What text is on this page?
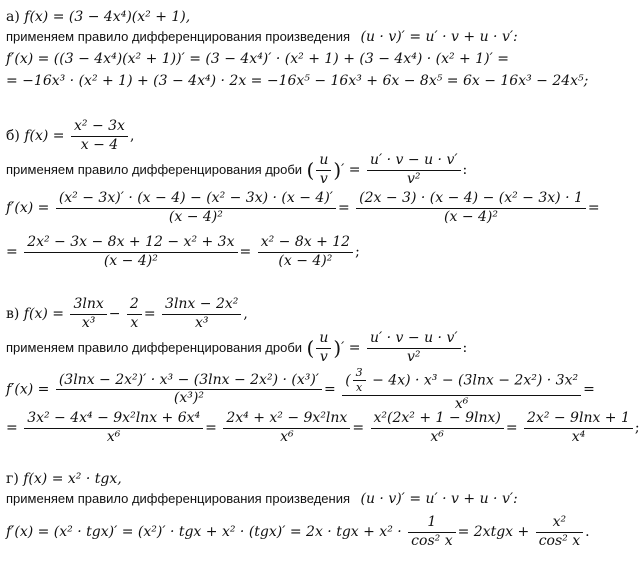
а) f(x) = (3 − 4x⁴)(x² + 1),
применяем правило дифференцирования произведения (u · v)′ = u′ · v + u · v′:
f′(x) = ((3 − 4x⁴)(x² + 1))′ = (3 − 4x⁴)′ · (x² + 1) + (3 − 4x⁴) · (x² + 1)′ =
= −16x³ · (x² + 1) + (3 − 4x⁴) · 2x = −16x⁵ − 16x³ + 6x − 8x⁵ = 6x − 16x³ − 24x⁵;
б) $f(x) = \frac{\text{x² − 3x}}{x - 4}$ ,
применяем правило дифференцирования дроби ( $\frac{u}{v}$ )′ = $\frac{u' \cdot v - u \cdot v'}{\text{v²}}$ :
$f'(x) = \frac{\text{(x² − 3x)′ · (x − 4) − (x² − 3x) · (x − 4)′}}{\text{(x − 4)²}} = \frac{\text{(2x − 3) · (x − 4) − (x² − 3x) · 1}}{\text{(x − 4)²}}$ =
= $\frac{\text{2x² − 3x − 8x + 12 − x² + 3x}}{\text{(x − 4)²}} = \frac{\text{x² − 8x + 12}}{\text{(x − 4)²}}$ ;
в) $f(x) = \frac{3\ln x}{\text{x³}} - \frac{2}{x} = \frac{\text{3lnx − 2x²}}{\text{x³}}$ ,
применяем правило дифференцирования дроби ( $\frac{u}{v}$ )′ = $\frac{u' \cdot v - u \cdot v'}{\text{v²}}$ :
$f'(x) = \frac{\text{(3lnx − 2x²)′ · x³ − (3lnx − 2x²) · (x³)′}}{\text{(x³)²}} = \frac{( \frac{3}{x} - 4x) \cdot x^3 - (3\ln x - 2x^2) \cdot 3x^2}{\text{x⁶}}$ =
= $\frac{\text{3x² − 4x⁴ − 9x²lnx + 6x⁴}}{\text{x⁶}} = \frac{\text{2x⁴ + x² − 9x²lnx}}{\text{x⁶}} = \frac{\text{x²(2x² + 1 − 9lnx)}}{\text{x⁶}} = \frac{\text{2x² − 9lnx + 1}}{\text{x⁴}}$ ;
г) f(x) = x² · tgx,
применяем правило дифференцирования произведения (u · v)′ = u′ · v + u · v′:
f′(x) = (x² · tgx)′ = (x²)′ · tgx + x² · (tgx)′ = 2x · tgx + $x^2 \cdot \frac{1}{\text{cos² x}}$ = 2xtgx + $\frac{\text{x²}}{\text{cos² x}}$ .
